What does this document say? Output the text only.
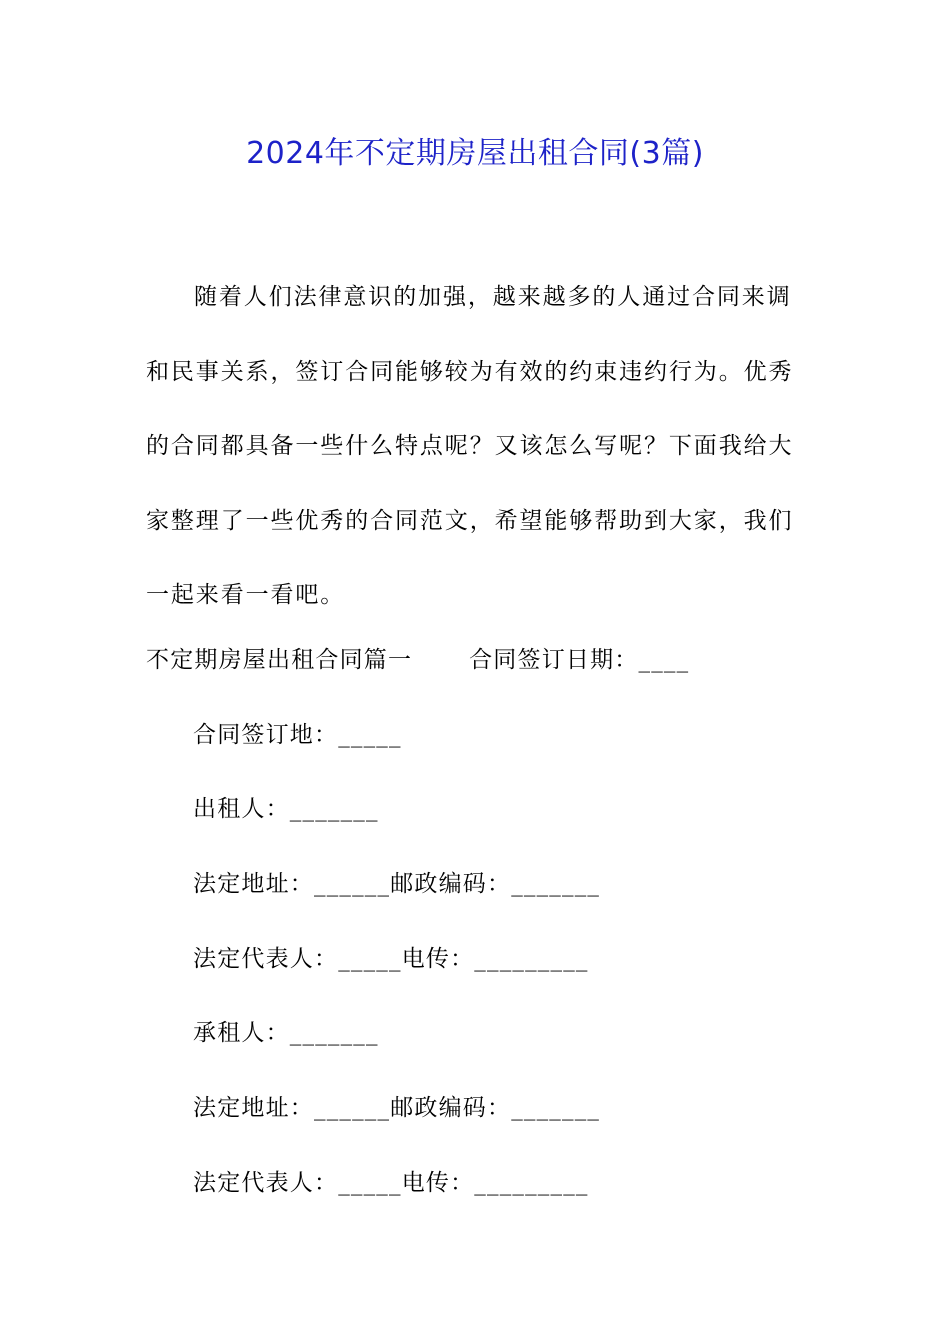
2024年不定期房屋出租合同(3篇)

随着人们法律意识的加强，越来越多的人通过合同来调和民事关系，签订合同能够较为有效的约束违约行为。优秀的合同都具备一些什么特点呢？又该怎么写呢？下面我给大家整理了一些优秀的合同范文，希望能够帮助到大家，我们一起来看一看吧。

不定期房屋出租合同篇一　　 合同签订日期：____
合同签订地：_____
出租人：_______
法定地址：______邮政编码：_______
法定代表人：_____电传：_________
承租人：_______
法定地址：______邮政编码：_______
法定代表人：_____电传：_________
